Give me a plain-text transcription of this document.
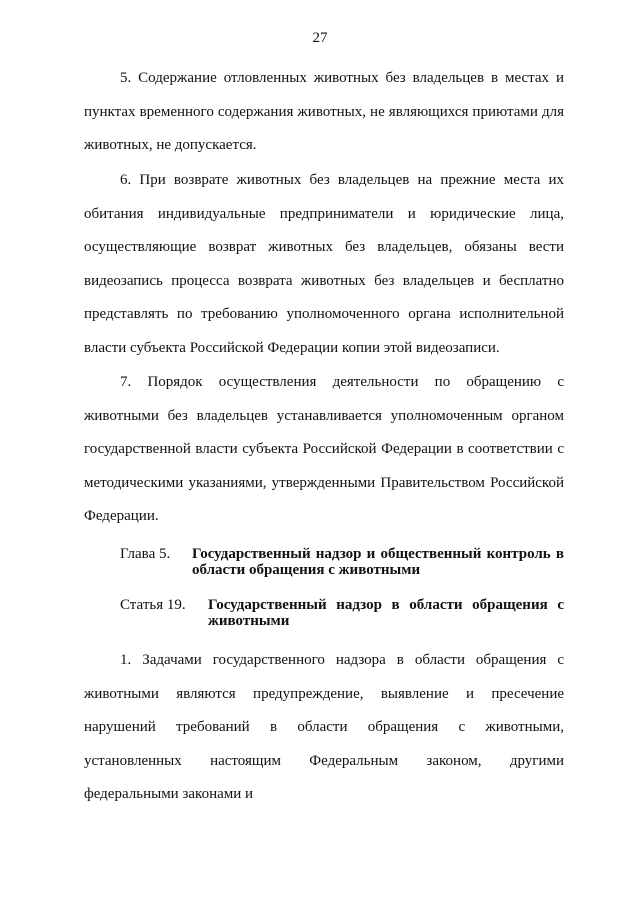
27

5. Содержание отловленных животных без владельцев в местах и пунктах временного содержания животных, не являющихся приютами для животных, не допускается.

6. При возврате животных без владельцев на прежние места их обитания индивидуальные предприниматели и юридические лица, осуществляющие возврат животных без владельцев, обязаны вести видеозапись процесса возврата животных без владельцев и бесплатно представлять по требованию уполномоченного органа исполнительной власти субъекта Российской Федерации копии этой видеозаписи.

7. Порядок осуществления деятельности по обращению с животными без владельцев устанавливается уполномоченным органом государственной власти субъекта Российской Федерации в соответствии с методическими указаниями, утвержденными Правительством Российской Федерации.

Глава 5.	Государственный надзор и общественный контроль в области обращения с животными
Статья 19.	Государственный надзор в области обращения с животными

1. Задачами государственного надзора в области обращения с животными являются предупреждение, выявление и пресечение нарушений требований в области обращения с животными, установленных настоящим Федеральным законом, другими федеральными законами и
